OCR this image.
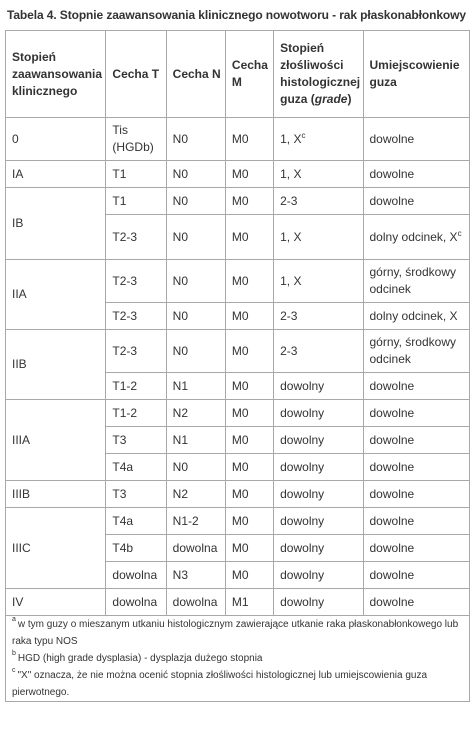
Tabela 4. Stopnie zaawansowania klinicznego nowotworu - rak płaskonabłonkowy
Stopień zaawansowania klinicznego	Cecha T	Cecha N	Cecha M	Stopień złośliwości histologicznej guza (grade)	Umiejscowienie guza
0	Tis (HGDb)	N0	M0	1, $X^c$	dowolne
IA	T1	N0	M0	1, X	dowolne
IB	T1	N0	M0	2-3	dowolne
	T2-3	N0	M0	1, X	dolny odcinek, $X^c$
IIA	T2-3	N0	M0	1, X	górny, środkowy odcinek
	T2-3	N0	M0	2-3	dolny odcinek, X
IIB	T2-3	N0	M0	2-3	górny, środkowy odcinek
	T1-2	N1	M0	dowolny	dowolne
IIIA	T1-2	N2	M0	dowolny	dowolne
	T3	N1	M0	dowolny	dowolne
	T4a	N0	M0	dowolny	dowolne
IIIB	T3	N2	M0	dowolny	dowolne
IIIC	T4a	N1-2	M0	dowolny	dowolne
	T4b	dowolna	M0	dowolny	dowolne
	dowolna	N3	M0	dowolny	dowolne
IV	dowolna	dowolna	M1	dowolny	dowolne

$^a$ w tym guzy o mieszanym utkaniu histologicznym zawierające utkanie raka płaskonabłonkowego lub raka typu NOS
$^b$ HGD (high grade dysplasia) - dysplazja dużego stopnia
$^c$ "X" oznacza, że nie można ocenić stopnia złośliwości histologicznej lub umiejscowienia guza pierwotnego.					
